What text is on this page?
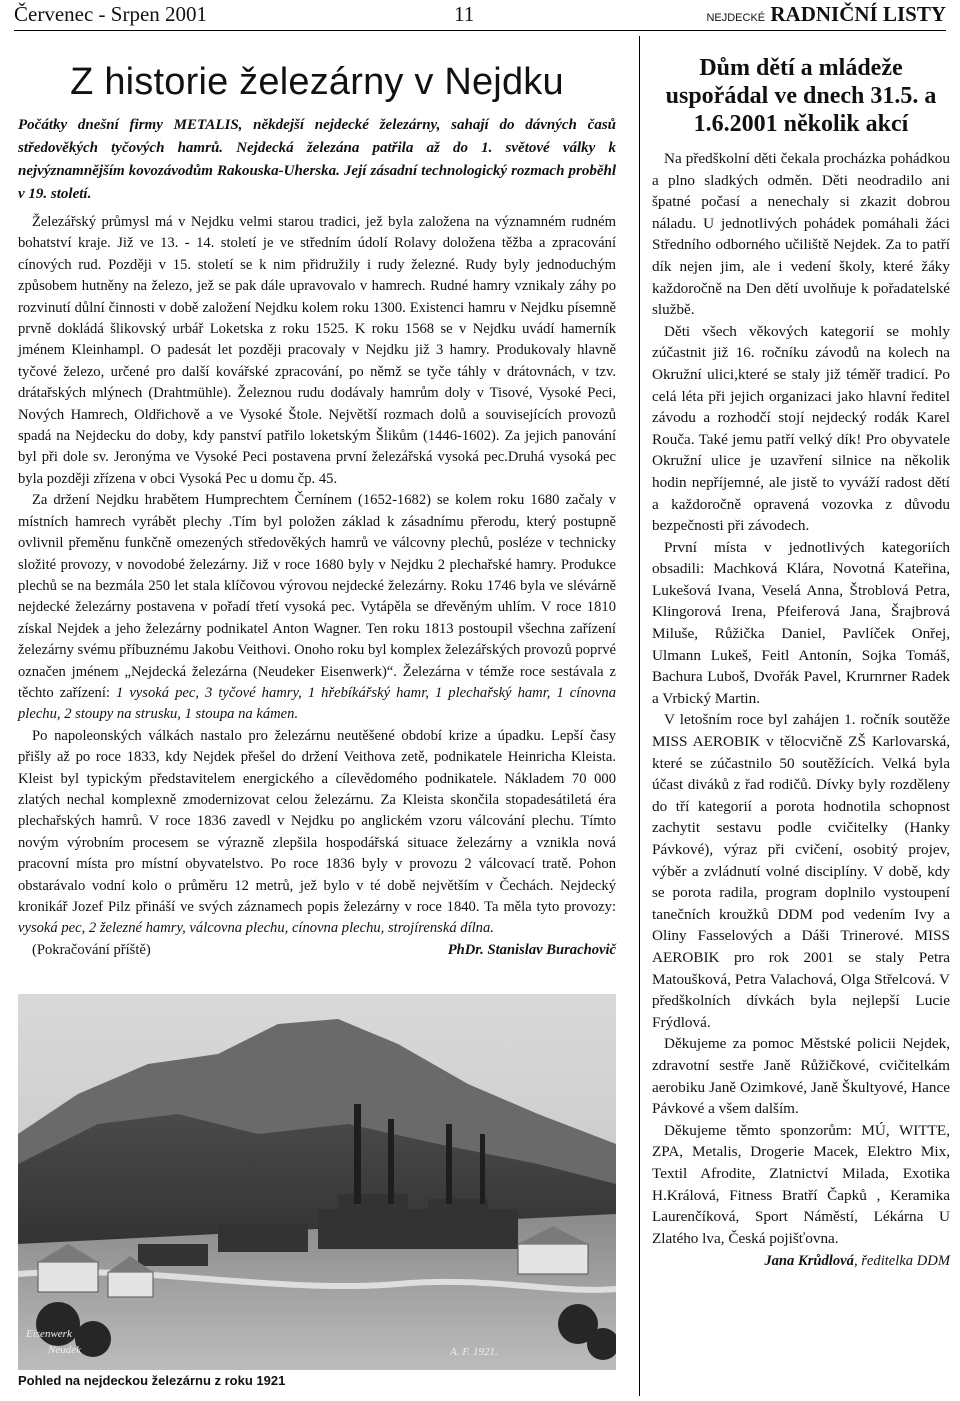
Červenec - Srpen 2001	11	NEJDECKÉ RADNIČNÍ LISTY
Z historie železárny v Nejdku
Počátky dnešní firmy METALIS, někdejší nejdecké železárny, sahají do dávných časů středověkých tyčových hamrů. Nejdecká železána patřila až do 1. světové války k nejvýznamnějším kovozávodům Rakouska-Uherska. Její zásadní technologický rozmach proběhl v 19. století.

Železářský průmysl má v Nejdku velmi starou tradici, jež byla založena na významném rudném bohatství kraje. Již ve 13. - 14. století je ve středním údolí Rolavy doložena těžba a zpracování cínových rud. Později v 15. století se k nim přidružily i rudy železné. Rudy byly jednoduchým způsobem hutněny na železo, jež se pak dále upravovalo v hamrech. Rudné hamry vznikaly záhy po rozvinutí důlní činnosti v době založení Nejdku kolem roku 1300. Existenci hamru v Nejdku písemně prvně dokládá šlikovský urbář Loketska z roku 1525. K roku 1568 se v Nejdku uvádí hamerník jménem Kleinhampl. O padesát let později pracovaly v Nejdku již 3 hamry. Produkovaly hlavně tyčové železo, určené pro další kovářské zpracování, po němž se tyče táhly v drátovnách, v tzv. drátařských mlýnech (Drahtmühle). Železnou rudu dodávaly hamrům doly v Tisové, Vysoké Peci, Nových Hamrech, Oldřichově a ve Vysoké Štole. Největší rozmach dolů a souvisejících provozů spadá na Nejdecku do doby, kdy panství patřilo loketským Šlikům (1446-1602). Za jejich panování byl při dole sv. Jeronýma ve Vysoké Peci postavena první železářská vysoká pec.Druhá vysoká pec byla později zřízena v obci Vysoká Pec u domu čp. 45.

Za držení Nejdku hrabětem Humprechtem Černínem (1652-1682) se kolem roku 1680 začaly v místních hamrech vyrábět plechy .Tím byl položen základ k zásadnímu přerodu, který postupně ovlivnil přeměnu funkčně omezených středověkých hamrů ve válcovny plechů, posléze v technicky složité provozy, v novodobé železárny. Již v roce 1680 byly v Nejdku 2 plechařské hamry. Produkce plechů se na bezmála 250 let stala klíčovou výrovou nejdecké železárny. Roku 1746 byla ve slévárně nejdecké železárny postavena v pořadí třetí vysoká pec. Vytápěla se dřevěným uhlím. V roce 1810 získal Nejdek a jeho železárny podnikatel Anton Wagner. Ten roku 1813 postoupil všechna zařízení železárny svému příbuznému Jakobu Veithovi. Onoho roku byl komplex železářských provozů poprvé označen jménem „Nejdecká železárna (Neudeker Eisenwerk)“. Železárna v témže roce sestávala z těchto zařízení: 1 vysoká pec, 3 tyčové hamry, 1 hřebíkářský hamr, 1 plechařský hamr, 1 cínovna plechu, 2 stoupy na strusku, 1 stoupa na kámen.

Po napoleonských válkách nastalo pro železárnu neutěšené období krize a úpadku. Lepší časy přišly až po roce 1833, kdy Nejdek přešel do držení Veithova zetě, podnikatele Heinricha Kleista. Kleist byl typickým představitelem energického a cílevědomého podnikatele. Nákladem 70 000 zlatých nechal komplexně zmodernizovat celou železárnu. Za Kleista skončila stopadesátiletá éra plechařských hamrů. V roce 1836 zavedl v Nejdku po anglickém vzoru válcování plechu. Tímto novým výrobním procesem se výrazně zlepšila hospodářská situace železárny a vznikla nová pracovní místa pro místní obyvatelstvo. Po roce 1836 byly v provozu 2 válcovací tratě. Pohon obstarávalo vodní kolo o průměru 12 metrů, jež bylo v té době největším v Čechách. Nejdecký kronikář Jozef Pilz přináší ve svých záznamech popis železárny v roce 1840. Ta měla tyto provozy: vysoká pec, 2 železné hamry, válcovna plechu, cínovna plechu, strojírenská dílna.

(Pokračování příště)	PhDr. Stanislav Burachovič
Eisenwerk
Neudek	A. F. 1921.
Pohled na nejdeckou železárnu z roku 1921
Dům dětí a mládeže uspořádal ve dnech 31.5. a 1.6.2001 několik akcí

Na předškolní děti čekala procházka pohádkou a plno sladkých odměn. Děti neodradilo ani špatné počasí a nenechaly si zkazit dobrou náladu. U jednotlivých pohádek pomáhali žáci Středního odborného učiliště Nejdek. Za to patří dík nejen jim, ale i vedení školy, které žáky každoročně na Den dětí uvolňuje k pořadatelské službě.

Děti všech věkových kategorií se mohly zúčastnit již 16. ročníku závodů na kolech na Okružní ulici,které se staly již téměř tradicí. Po celá léta při jejich organizaci jako hlavní ředitel závodu a rozhodčí stojí nejdecký rodák Karel Rouča. Také jemu patří velký dík! Pro obyvatele Okružní ulice je uzavření silnice na několik hodin nepříjemné, ale jistě to vyváží radost dětí a každoročně opravená vozovka z důvodu bezpečnosti při závodech.

První místa v jednotlivých kategoriích obsadili: Machková Klára, Novotná Kateřina, Lukešová Ivana, Veselá Anna, Štroblová Petra, Klingorová Irena, Pfeiferová Jana, Šrajbrová Miluše, Růžička Daniel, Pavlíček Onřej, Ulmann Lukeš, Feitl Antonín, Sojka Tomáš, Bachura Luboš, Dvořák Pavel, Krurnrner Radek a Vrbický Martin.

V letošním roce byl zahájen 1. ročník soutěže MISS AEROBIK v tělocvičně ZŠ Karlovarská, které se zúčastnilo 50 soutěžících. Velká byla účast diváků z řad rodičů. Dívky byly rozděleny do tří kategorií a porota hodnotila schopnost zachytit sestavu podle cvičitelky (Hanky Pávkové), výraz při cvičení, osobitý projev, výběr a zvládnutí volné disciplíny. V době, kdy se porota radila, program doplnilo vystoupení tanečních kroužků DDM pod vedením Ivy a Oliny Fasselových a Dáši Trinerové. MISS AEROBIK pro rok 2001 se staly Petra Matoušková, Petra Valachová, Olga Střelcová. V předškolních dívkách byla nejlepší Lucie Frýdlová.

Děkujeme za pomoc Městské policii Nejdek, zdravotní sestře Janě Růžičkové, cvičitelkám aerobiku Janě Ozimkové, Janě Škultyové, Hance Pávkové a všem dalším.

Děkujeme těmto sponzorům: MÚ, WITTE, ZPA, Metalis, Drogerie Macek, Elektro Mix, Textil Afrodite, Zlatnictví Milada, Exotika H.Králová, Fitness Bratří Čapků , Keramika Laurenčíková, Sport Náměstí, Lékárna U Zlatého lva, Česká pojišťovna.

Jana Krůdlová, ředitelka DDM
